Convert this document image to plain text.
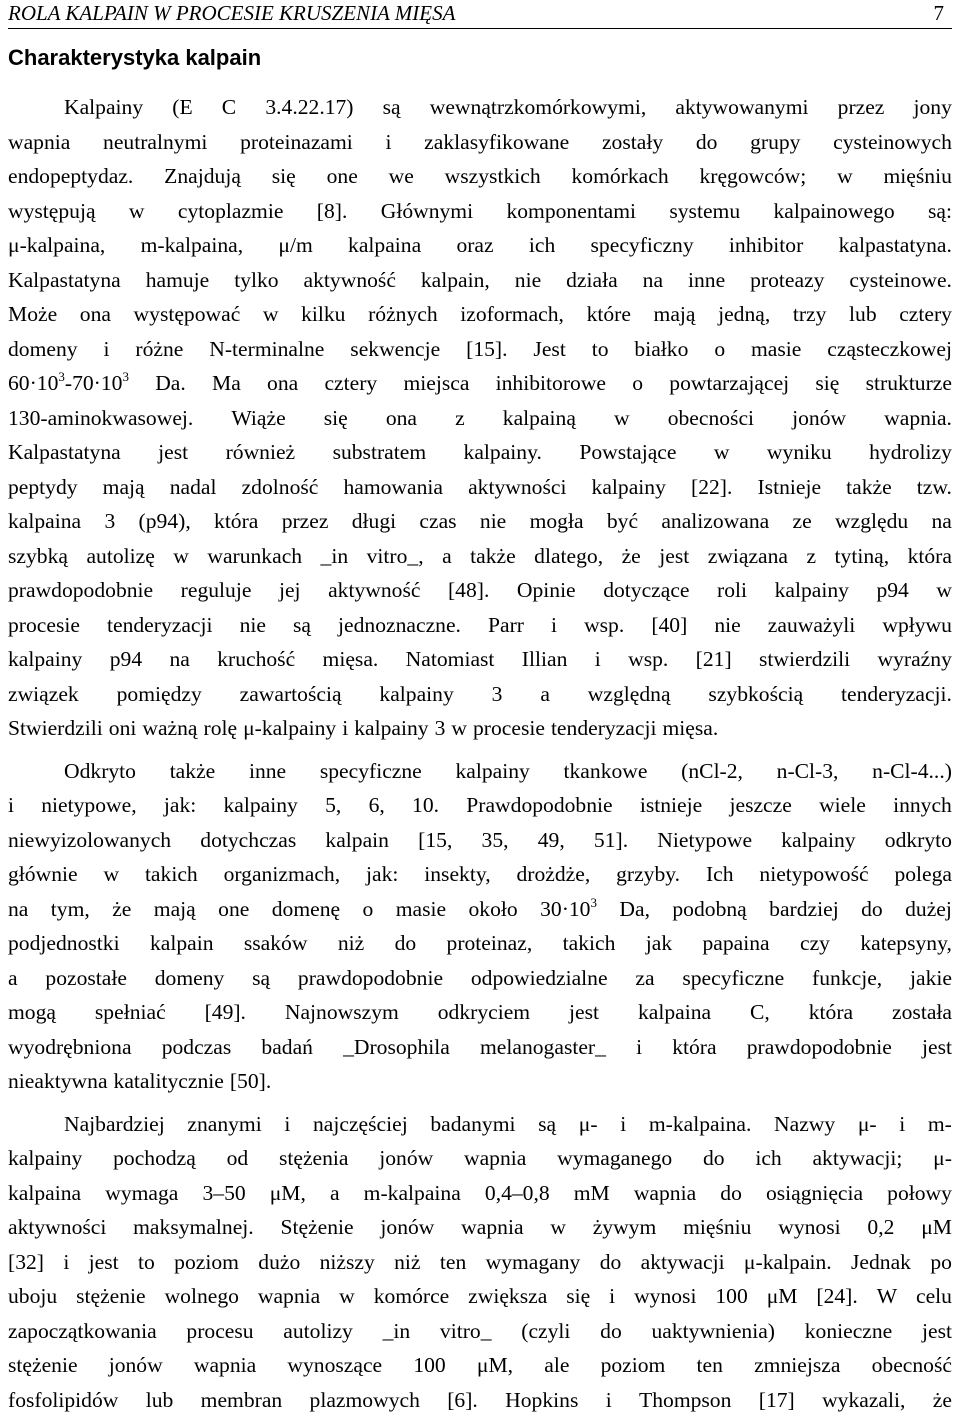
ROLA KALPAIN W PROCESIE KRUSZENIA MIĘSA	7
Charakterystyka kalpain
Kalpainy (E C 3.4.22.17) są wewnątrzkomórkowymi, aktywowanymi przez jony
wapnia neutralnymi proteinazami i zaklasyfikowane zostały do grupy cysteinowych
endopeptydaz. Znajdują się one we wszystkich komórkach kręgowców; w mięśniu
występują w cytoplazmie [8]. Głównymi komponentami systemu kalpainowego są:
μ-kalpaina, m-kalpaina, μ/m kalpaina oraz ich specyficzny inhibitor kalpastatyna.
Kalpastatyna hamuje tylko aktywność kalpain, nie działa na inne proteazy cysteinowe.
Może ona występować w kilku różnych izoformach, które mają jedną, trzy lub cztery
domeny i różne N-terminalne sekwencje [15]. Jest to białko o masie cząsteczkowej
$60\cdot 10^3-70\cdot 10^3$ Da. Ma ona cztery miejsca inhibitorowe o powtarzającej się strukturze
130-aminokwasowej. Wiąże się ona z kalpainą w obecności jonów wapnia.
Kalpastatyna jest również substratem kalpainy. Powstające w wyniku hydrolizy
peptydy mają nadal zdolność hamowania aktywności kalpainy [22]. Istnieje także tzw.
kalpaina 3 (p94), która przez długi czas nie mogła być analizowana ze względu na
szybką autolizę w warunkach _in vitro_, a także dlatego, że jest związana z tytiną, która
prawdopodobnie reguluje jej aktywność [48]. Opinie dotyczące roli kalpainy p94 w
procesie tenderyzacji nie są jednoznaczne. Parr i wsp. [40] nie zauważyli wpływu
kalpainy p94 na kruchość mięsa. Natomiast Illian i wsp. [21] stwierdzili wyraźny
związek pomiędzy zawartością kalpainy 3 a względną szybkością tenderyzacji.
Stwierdzili oni ważną rolę μ-kalpainy i kalpainy 3 w procesie tenderyzacji mięsa.
Odkryto także inne specyficzne kalpainy tkankowe (nCl-2, n-Cl-3, n-Cl-4...)
i nietypowe, jak: kalpainy 5, 6, 10. Prawdopodobnie istnieje jeszcze wiele innych
niewyizolowanych dotychczas kalpain [15, 35, 49, 51]. Nietypowe kalpainy odkryto
głównie w takich organizmach, jak: insekty, drożdże, grzyby. Ich nietypowość polega
na tym, że mają one domenę o masie około $30\cdot 10^3$ Da, podobną bardziej do dużej
podjednostki kalpain ssaków niż do proteinaz, takich jak papaina czy katepsyny,
a pozostałe domeny są prawdopodobnie odpowiedzialne za specyficzne funkcje, jakie
mogą spełniać [49]. Najnowszym odkryciem jest kalpaina C, która została
wyodrębniona podczas badań _Drosophila melanogaster_ i która prawdopodobnie jest
nieaktywna katalitycznie [50].
Najbardziej znanymi i najczęściej badanymi są μ- i m-kalpaina. Nazwy μ- i m-
kalpainy pochodzą od stężenia jonów wapnia wymaganego do ich aktywacji; μ-
kalpaina wymaga 3–50 μM, a m-kalpaina 0,4–0,8 mM wapnia do osiągnięcia połowy
aktywności maksymalnej. Stężenie jonów wapnia w żywym mięśniu wynosi 0,2 μM
[32] i jest to poziom dużo niższy niż ten wymagany do aktywacji μ-kalpain. Jednak po
uboju stężenie wolnego wapnia w komórce zwiększa się i wynosi 100 μM [24]. W celu
zapoczątkowania procesu autolizy _in vitro_ (czyli do uaktywnienia) konieczne jest
stężenie jonów wapnia wynoszące 100 μM, ale poziom ten zmniejsza obecność
fosfolipidów lub membran plazmowych [6]. Hopkins i Thompson [17] wykazali, że
